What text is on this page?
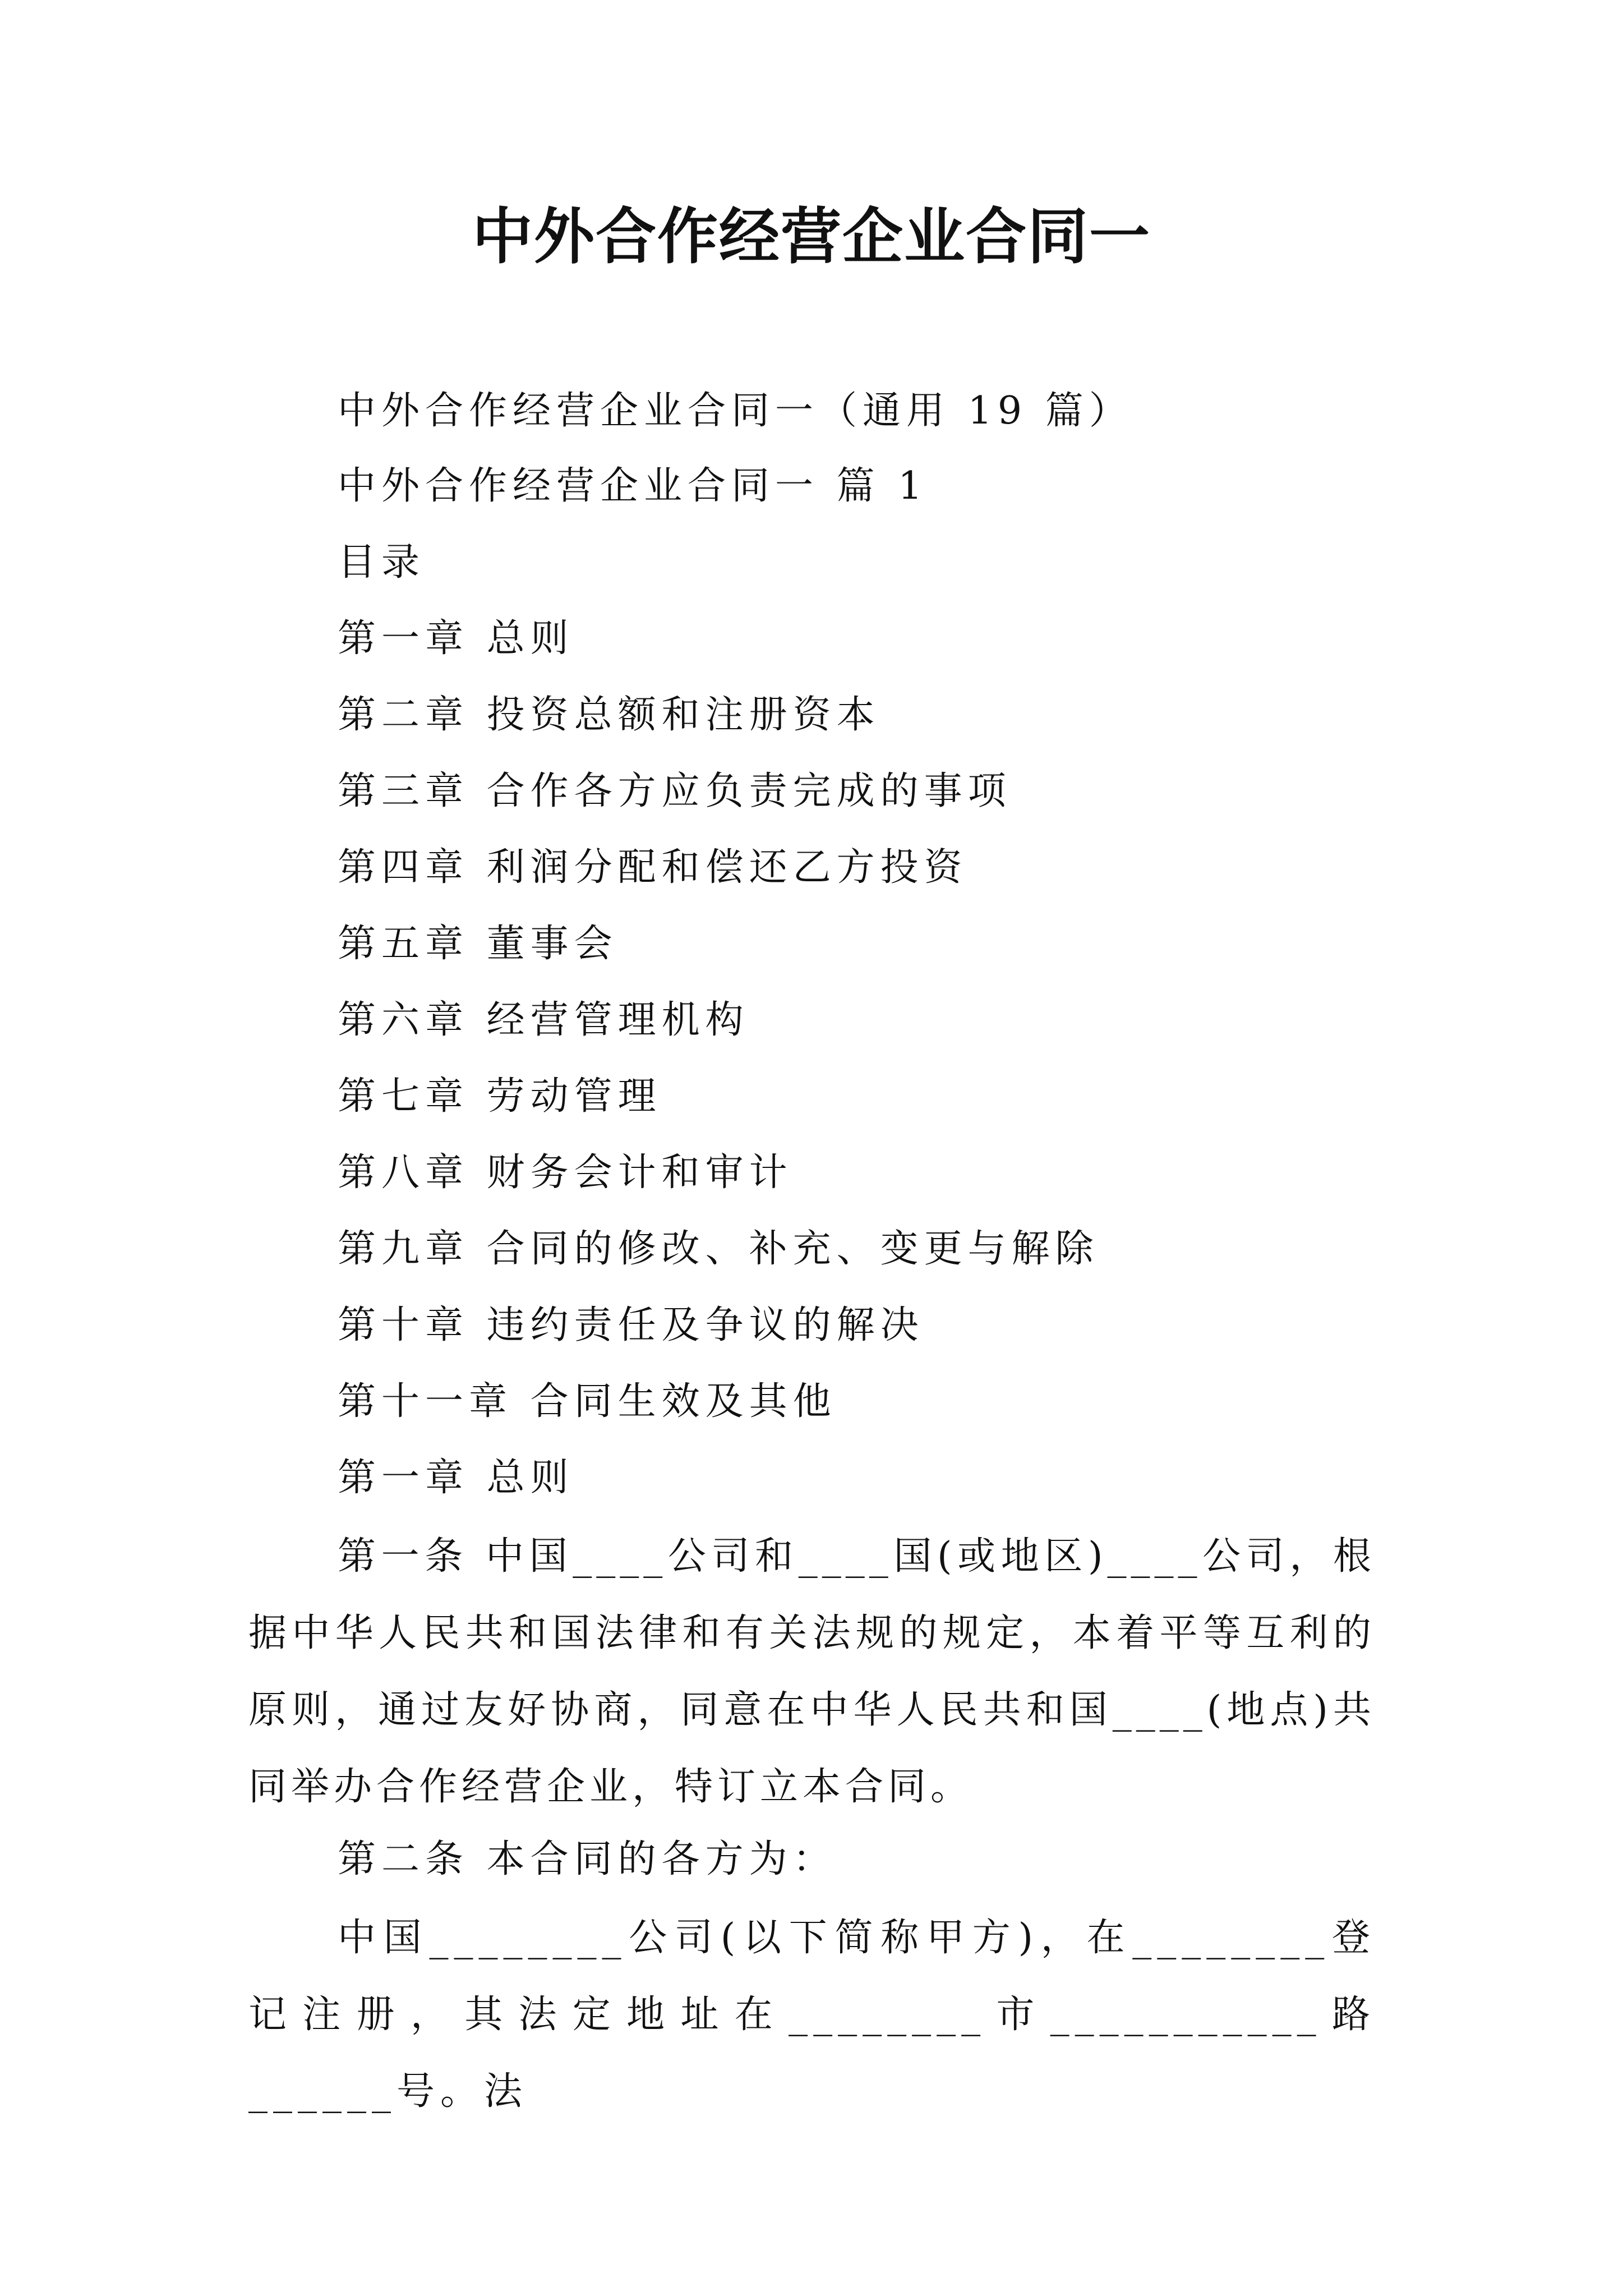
中外合作经营企业合同一
中外合作经营企业合同一（通用 19 篇）
中外合作经营企业合同一 篇 1
目录
第一章 总则
第二章 投资总额和注册资本
第三章 合作各方应负责完成的事项
第四章 利润分配和偿还乙方投资
第五章 董事会
第六章 经营管理机构
第七章 劳动管理
第八章 财务会计和审计
第九章 合同的修改、补充、变更与解除
第十章 违约责任及争议的解决
第十一章 合同生效及其他
第一章 总则

第一条 中国____公司和____国(或地区)____公司，根据中华人民共和国法律和有关法规的规定，本着平等互利的原则，通过友好协商，同意在中华人民共和国____(地点)共同举办合作经营企业，特订立本合同。

第二条 本合同的各方为：

中国________公司(以下简称甲方)，在________登记注册，其法定地址在________市___________路______号。法
